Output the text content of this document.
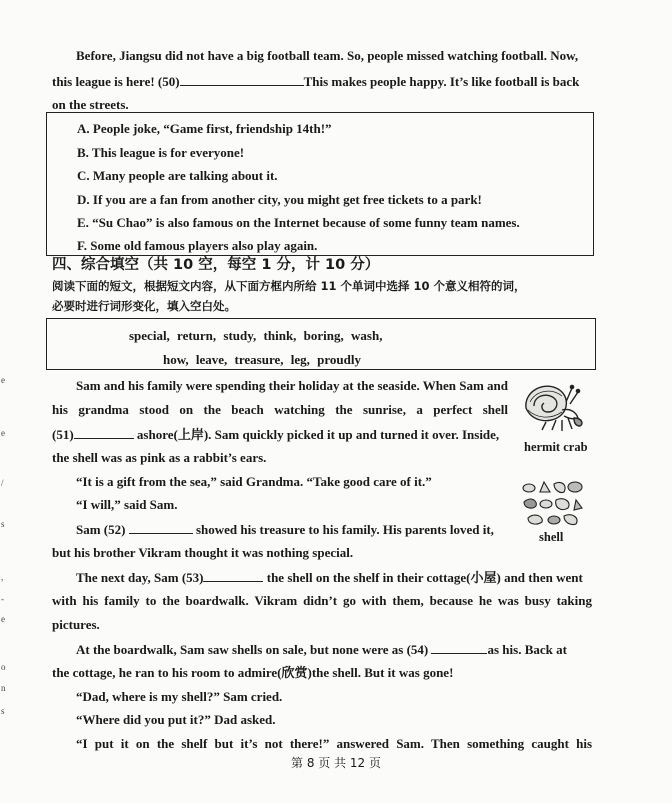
Before, Jiangsu did not have a big football team. So, people missed watching football. Now,
this league is here! (50)	This makes people happy. It’s like football is back
on the streets.
A. People joke, “Game first, friendship 14th!”
B. This league is for everyone!
C. Many people are talking about it.
D. If you are a fan from another city, you might get free tickets to a park!
E. “Su Chao” is also famous on the Internet because of some funny team names.
F. Some old famous players also play again.
四、综合填空（共 10 空，每空 1 分，计 10 分）
阅读下面的短文，根据短文内容，从下面方框内所给 11 个单词中选择 10 个意义相符的词，
必要时进行词形变化，填入空白处。
special, return, study, think, boring, wash,
how, leave, treasure, leg, proudly
Sam and his family were spending their holiday at the seaside. When Sam and
his grandma stood on the beach watching the sunrise, a perfect shell
(51)	ashore(上岸). Sam quickly picked it up and turned it over. Inside,
the shell was as pink as a rabbit’s ears.
“It is a gift from the sea,” said Grandma. “Take good care of it.”
“I will,” said Sam.
Sam (52)	showed his treasure to his family. His parents loved it,
but his brother Vikram thought it was nothing special.
The next day, Sam (53)	the shell on the shelf in their cottage(小屋) and then went
with his family to the boardwalk. Vikram didn’t go with them, because he was busy taking
pictures.
At the boardwalk, Sam saw shells on sale, but none were as (54)	as his. Back at
the cottage, he ran to his room to admire(欣赏)the shell. But it was gone!
“Dad, where is my shell?” Sam cried.
“Where did you put it?” Dad asked.
“I put it on the shelf but it’s not there!” answered Sam. Then something caught his
hermit crab
shell
e
e
/
s
,
-
e
o
n
s
第 8 页 共 12 页
